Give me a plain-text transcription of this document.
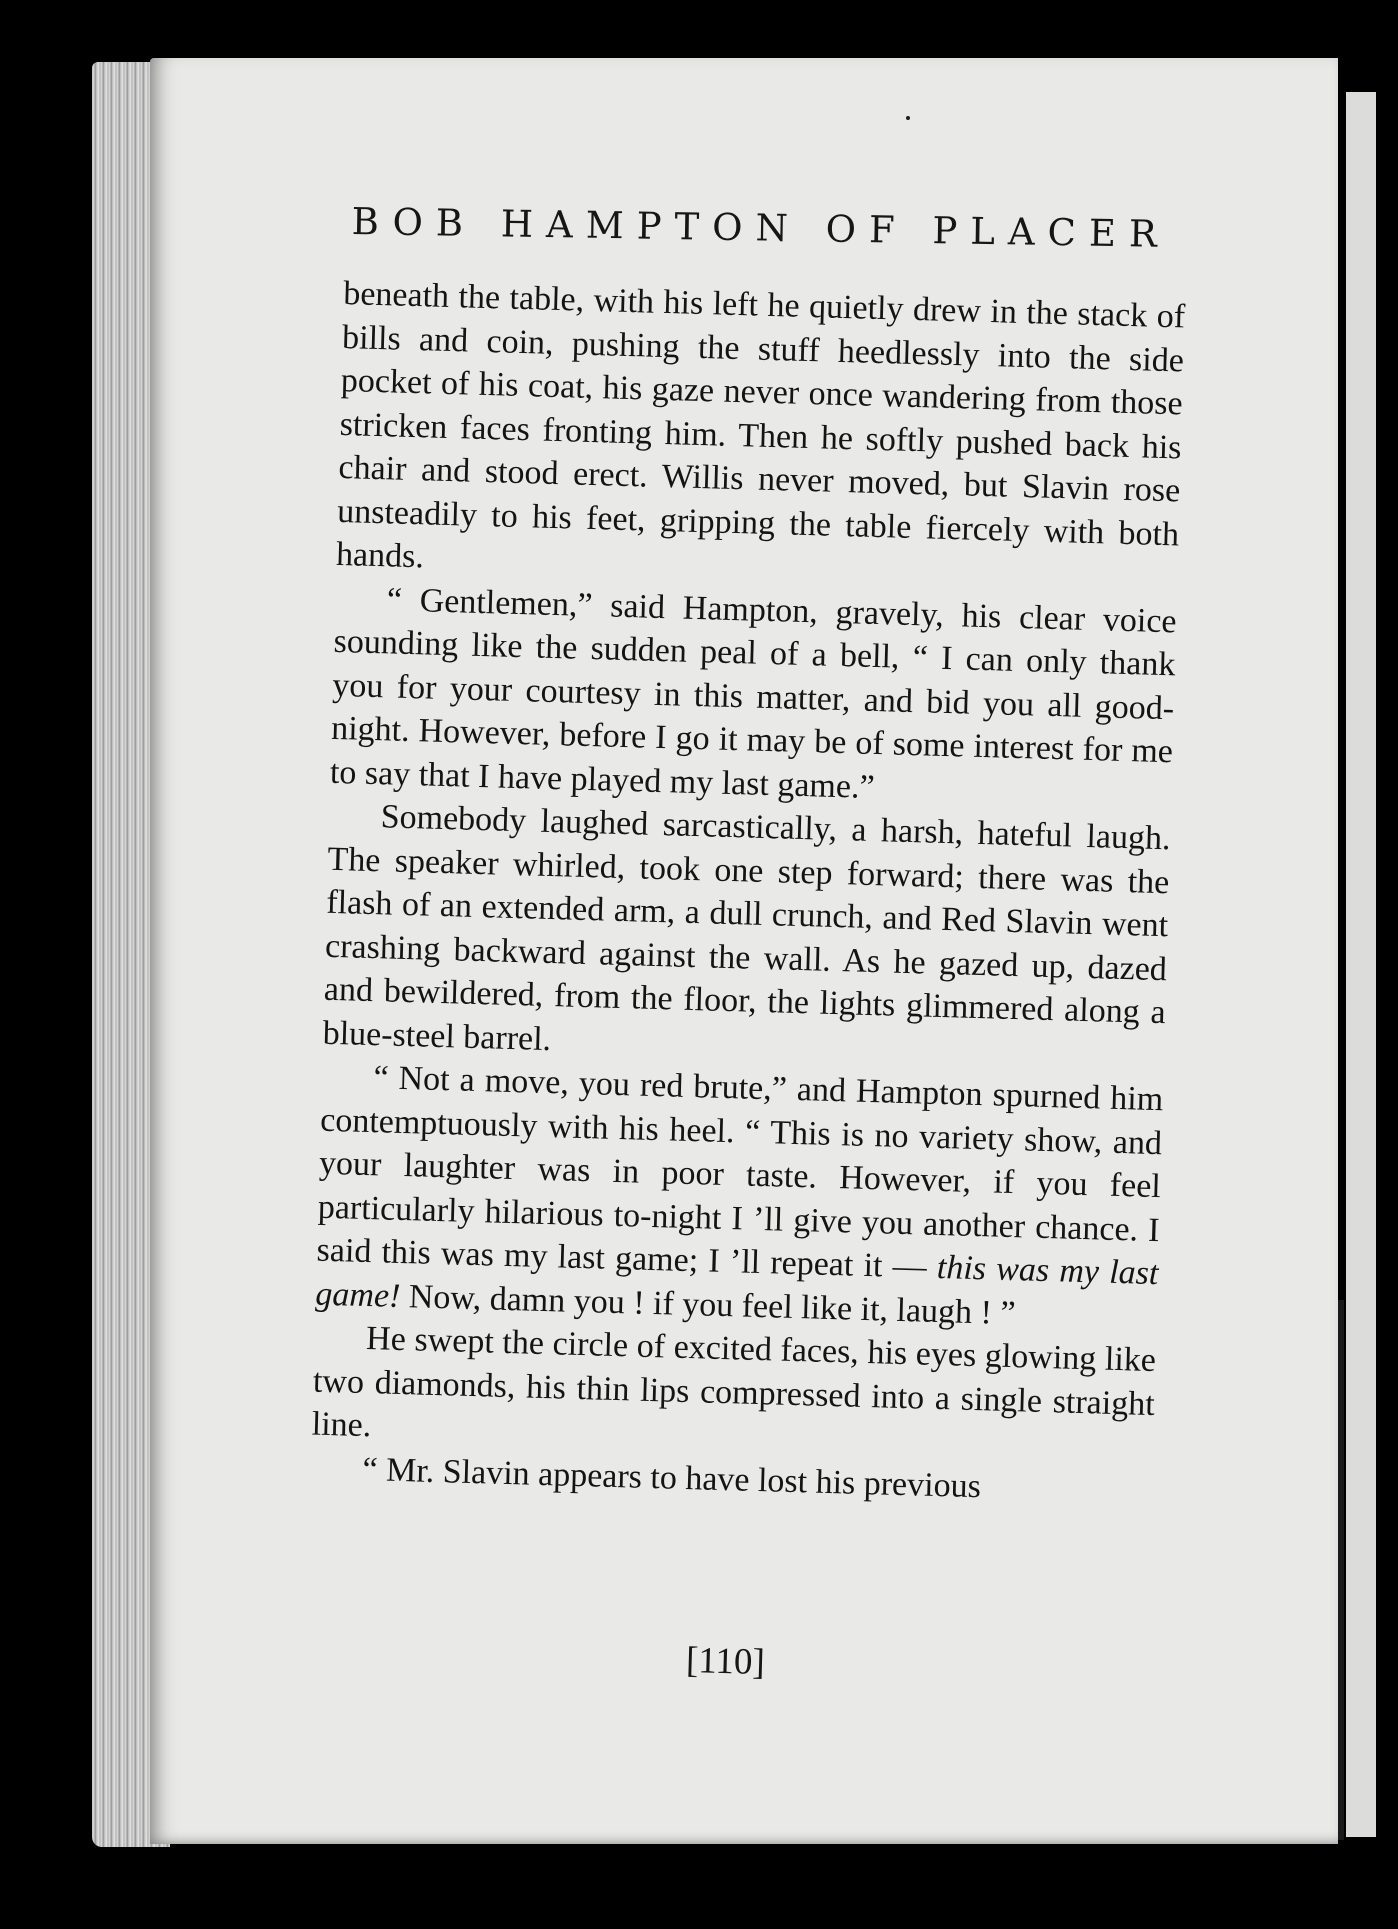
BOB HAMPTON OF PLACER

beneath the table, with his left he quietly drew in the stack of bills and coin, pushing the stuff heedlessly into the side pocket of his coat, his gaze never once wandering from those stricken faces fronting him. Then he softly pushed back his chair and stood erect. Willis never moved, but Slavin rose unsteadily to his feet, gripping the table fiercely with both hands.

“ Gentlemen,” said Hampton, gravely, his clear voice sounding like the sudden peal of a bell, “ I can only thank you for your courtesy in this matter, and bid you all good-night. However, before I go it may be of some interest for me to say that I have played my last game.”

Somebody laughed sarcastically, a harsh, hateful laugh. The speaker whirled, took one step forward; there was the flash of an extended arm, a dull crunch, and Red Slavin went crashing backward against the wall. As he gazed up, dazed and bewildered, from the floor, the lights glimmered along a blue-steel barrel.

“ Not a move, you red brute,” and Hampton spurned him contemptuously with his heel. “ This is no variety show, and your laughter was in poor taste. However, if you feel particularly hilarious to-night I ’ll give you another chance. I said this was my last game; I ’ll repeat it — this was my last game! Now, damn you ! if you feel like it, laugh ! ”

He swept the circle of excited faces, his eyes glowing like two diamonds, his thin lips compressed into a single straight line.

“ Mr. Slavin appears to have lost his previous

[110]
